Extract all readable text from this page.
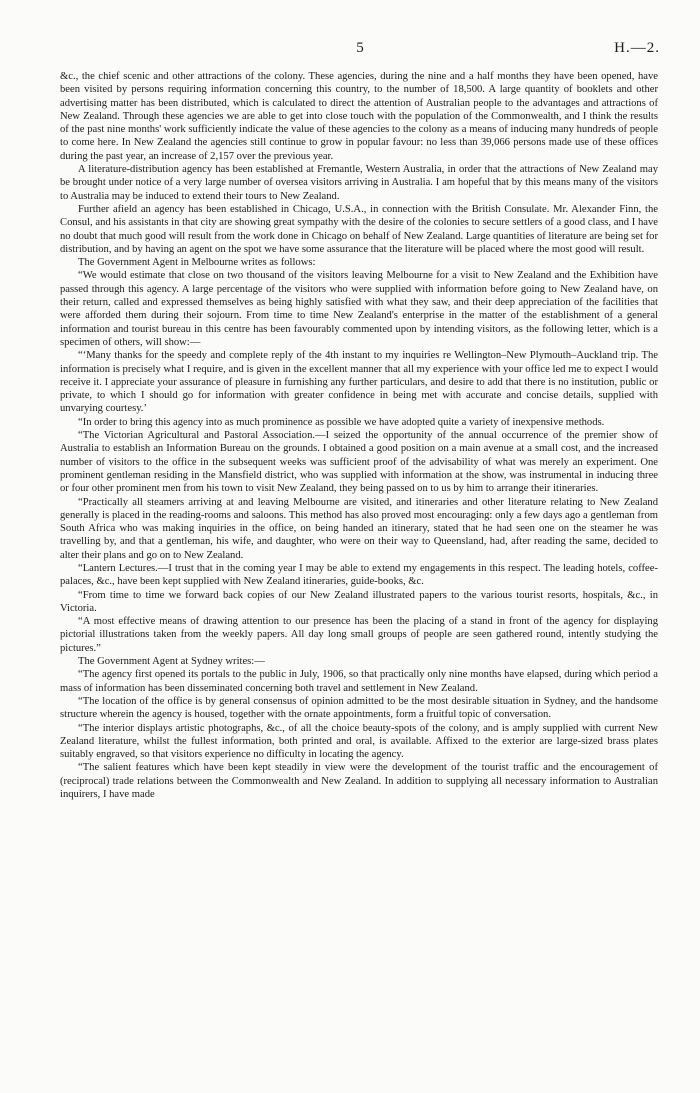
5	H.—2.

&c., the chief scenic and other attractions of the colony. These agencies, during the nine and a half months they have been opened, have been visited by persons requiring information concerning this country, to the number of 18,500. A large quantity of booklets and other advertising matter has been distributed, which is calculated to direct the attention of Australian people to the advantages and attractions of New Zealand. Through these agencies we are able to get into close touch with the population of the Commonwealth, and I think the results of the past nine months' work sufficiently indicate the value of these agencies to the colony as a means of inducing many hundreds of people to come here. In New Zealand the agencies still continue to grow in popular favour: no less than 39,066 persons made use of these offices during the past year, an increase of 2,157 over the previous year.

A literature-distribution agency has been established at Fremantle, Western Australia, in order that the attractions of New Zealand may be brought under notice of a very large number of oversea visitors arriving in Australia. I am hopeful that by this means many of the visitors to Australia may be induced to extend their tours to New Zealand.

Further afield an agency has been established in Chicago, U.S.A., in connection with the British Consulate. Mr. Alexander Finn, the Consul, and his assistants in that city are showing great sympathy with the desire of the colonies to secure settlers of a good class, and I have no doubt that much good will result from the work done in Chicago on behalf of New Zealand. Large quantities of literature are being set for distribution, and by having an agent on the spot we have some assurance that the literature will be placed where the most good will result.

The Government Agent in Melbourne writes as follows:

“We would estimate that close on two thousand of the visitors leaving Melbourne for a visit to New Zealand and the Exhibition have passed through this agency. A large percentage of the visitors who were supplied with information before going to New Zealand have, on their return, called and expressed themselves as being highly satisfied with what they saw, and their deep appreciation of the facilities that were afforded them during their sojourn. From time to time New Zealand's enterprise in the matter of the establishment of a general information and tourist bureau in this centre has been favourably commented upon by intending visitors, as the following letter, which is a specimen of others, will show:—

“‘Many thanks for the speedy and complete reply of the 4th instant to my inquiries re Wellington–New Plymouth–Auckland trip. The information is precisely what I require, and is given in the excellent manner that all my experience with your office led me to expect I would receive it. I appreciate your assurance of pleasure in furnishing any further particulars, and desire to add that there is no institution, public or private, to which I should go for information with greater confidence in being met with accurate and concise details, supplied with unvarying courtesy.’

“In order to bring this agency into as much prominence as possible we have adopted quite a variety of inexpensive methods.

“The Victorian Agricultural and Pastoral Association.—I seized the opportunity of the annual occurrence of the premier show of Australia to establish an Information Bureau on the grounds. I obtained a good position on a main avenue at a small cost, and the increased number of visitors to the office in the subsequent weeks was sufficient proof of the advisability of what was merely an experiment. One prominent gentleman residing in the Mansfield district, who was supplied with information at the show, was instrumental in inducing three or four other prominent men from his town to visit New Zealand, they being passed on to us by him to arrange their itineraries.

“Practically all steamers arriving at and leaving Melbourne are visited, and itineraries and other literature relating to New Zealand generally is placed in the reading-rooms and saloons. This method has also proved most encouraging: only a few days ago a gentleman from South Africa who was making inquiries in the office, on being handed an itinerary, stated that he had seen one on the steamer he was travelling by, and that a gentleman, his wife, and daughter, who were on their way to Queensland, had, after reading the same, decided to alter their plans and go on to New Zealand.

“Lantern Lectures.—I trust that in the coming year I may be able to extend my engagements in this respect. The leading hotels, coffee-palaces, &c., have been kept supplied with New Zealand itineraries, guide-books, &c.

“From time to time we forward back copies of our New Zealand illustrated papers to the various tourist resorts, hospitals, &c., in Victoria.

“A most effective means of drawing attention to our presence has been the placing of a stand in front of the agency for displaying pictorial illustrations taken from the weekly papers. All day long small groups of people are seen gathered round, intently studying the pictures.”

The Government Agent at Sydney writes:—

“The agency first opened its portals to the public in July, 1906, so that practically only nine months have elapsed, during which period a mass of information has been disseminated concerning both travel and settlement in New Zealand.

“The location of the office is by general consensus of opinion admitted to be the most desirable situation in Sydney, and the handsome structure wherein the agency is housed, together with the ornate appointments, form a fruitful topic of conversation.

“The interior displays artistic photographs, &c., of all the choice beauty-spots of the colony, and is amply supplied with current New Zealand literature, whilst the fullest information, both printed and oral, is available. Affixed to the exterior are large-sized brass plates suitably engraved, so that visitors experience no difficulty in locating the agency.

“The salient features which have been kept steadily in view were the development of the tourist traffic and the encouragement of (reciprocal) trade relations between the Commonwealth and New Zealand. In addition to supplying all necessary information to Australian inquirers, I have made
